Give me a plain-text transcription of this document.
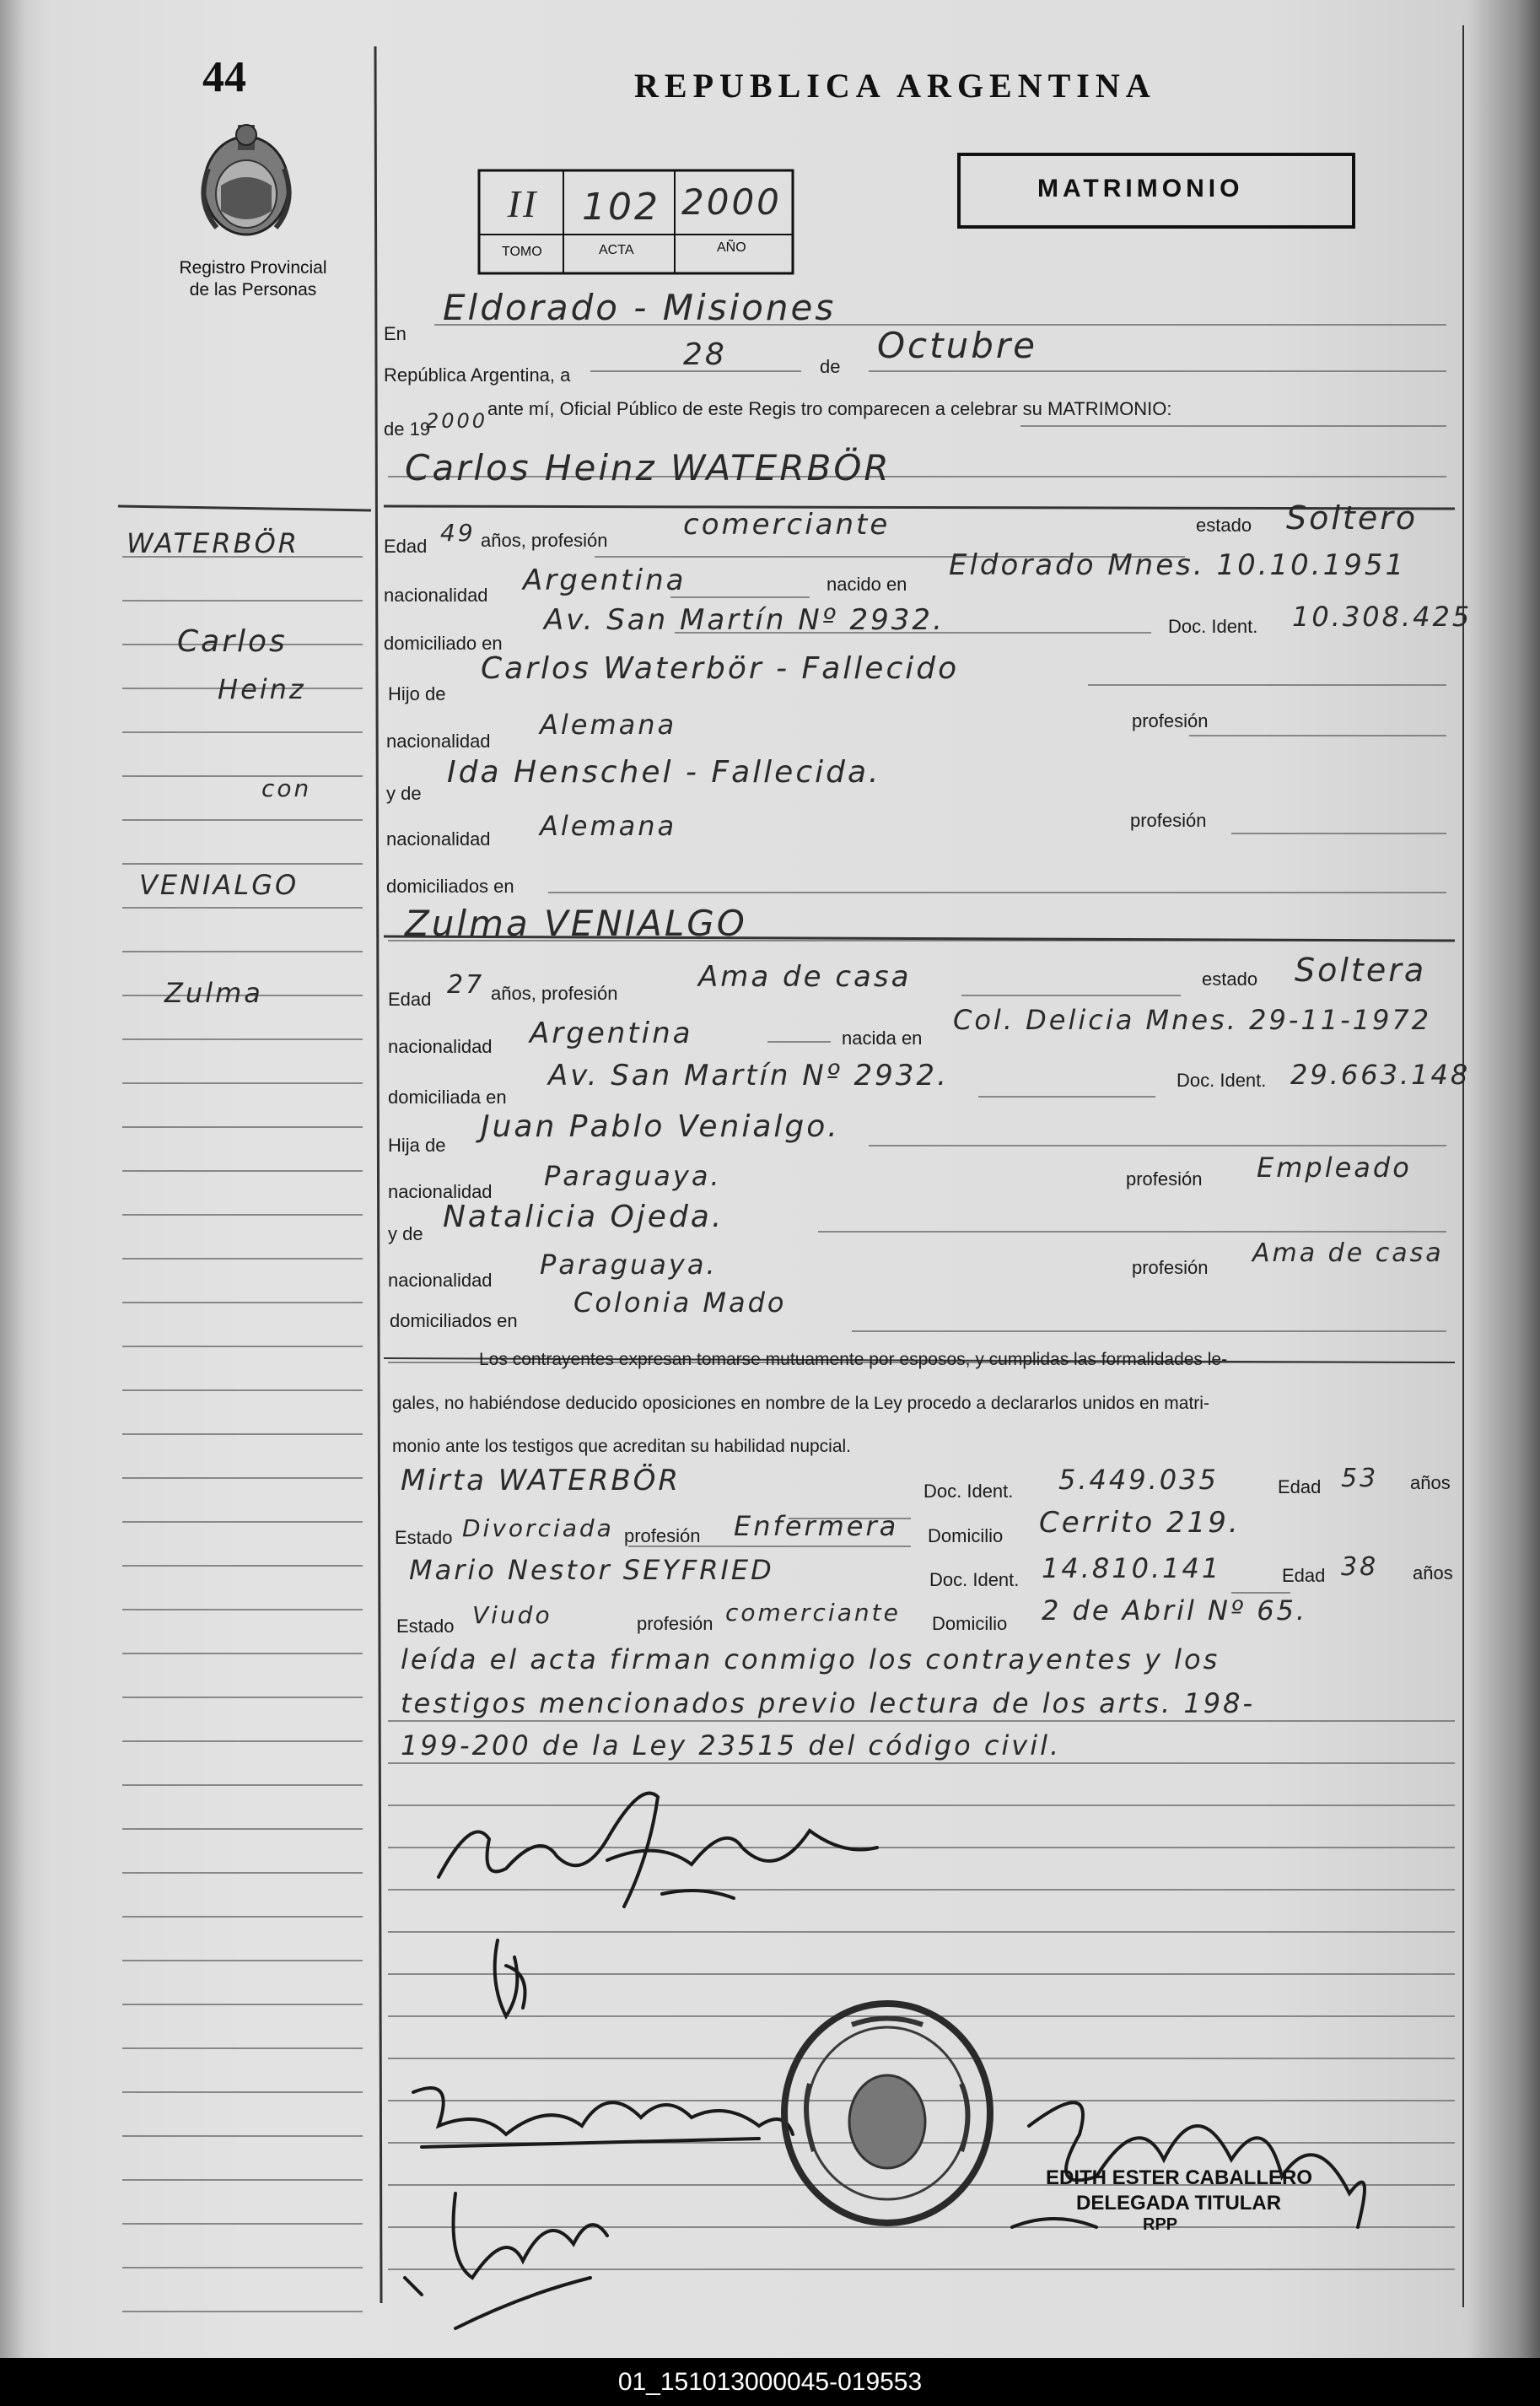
44
Registro Provincial
de las Personas
REPUBLICA ARGENTINA
II	102 2000
TOMO	ACTA	AÑO
MATRIMONIO
En
Eldorado - Misiones
República Argentina, a
28	de
Octubre
de 19
2000
ante mí, Oficial Público de este Regis tro comparecen a celebrar su MATRIMONIO:
WATERBÖR
Carlos
Heinz
con
VENIALGO
Zulma
Carlos Heinz WATERBÖR
Edad 49 años, profesión	comerciante	estado Soltero
nacionalidad Argentina	nacido en
Eldorado Mnes. 10.10.1951
domiciliado en
Av. San Martín Nº 2932.	Doc. Ident. 10.308.425
Hijo de
Carlos Waterbör - Fallecido
nacionalidad
Alemana	profesión
y de
Ida Henschel - Fallecida.
nacionalidad Alemana	profesión
domiciliados en
Zulma VENIALGO
Edad 27 años, profesión	Ama de casa	estado Soltera
nacionalidad Argentina	nacida en
Col. Delicia Mnes. 29-11-1972
domiciliada en
Av. San Martín Nº 2932.	Doc. Ident. 29.663.148
Hija de
Juan Pablo Venialgo.
nacionalidad Paraguaya.	profesión Empleado
y de Natalicia Ojeda.
nacionalidad Paraguaya.	profesión Ama de casa
domiciliados en
Colonia Mado
Los contrayentes expresan tomarse mutuamente por esposos, y cumplidas las formalidades le-
gales, no habiéndose deducido oposiciones en nombre de la Ley procedo a declararlos unidos en matri-
monio ante los testigos que acreditan su habilidad nupcial.
Mirta WATERBÖR	Doc. Ident. 5.449.035	Edad 53 años
Estado Divorciada profesión Enfermera Domicilio Cerrito 219.
Mario Nestor SEYFRIED	Doc. Ident. 14.810.141	Edad 38 años
Estado Viudo	profesión comerciante Domicilio 2 de Abril Nº 65.
leída el acta firman conmigo los contrayentes y los
testigos mencionados previo lectura de los arts. 198-
199-200 de la Ley 23515 del código civil.
EDITH ESTER CABALLERO
DELEGADA TITULAR
RPP
01_151013000045-019553
